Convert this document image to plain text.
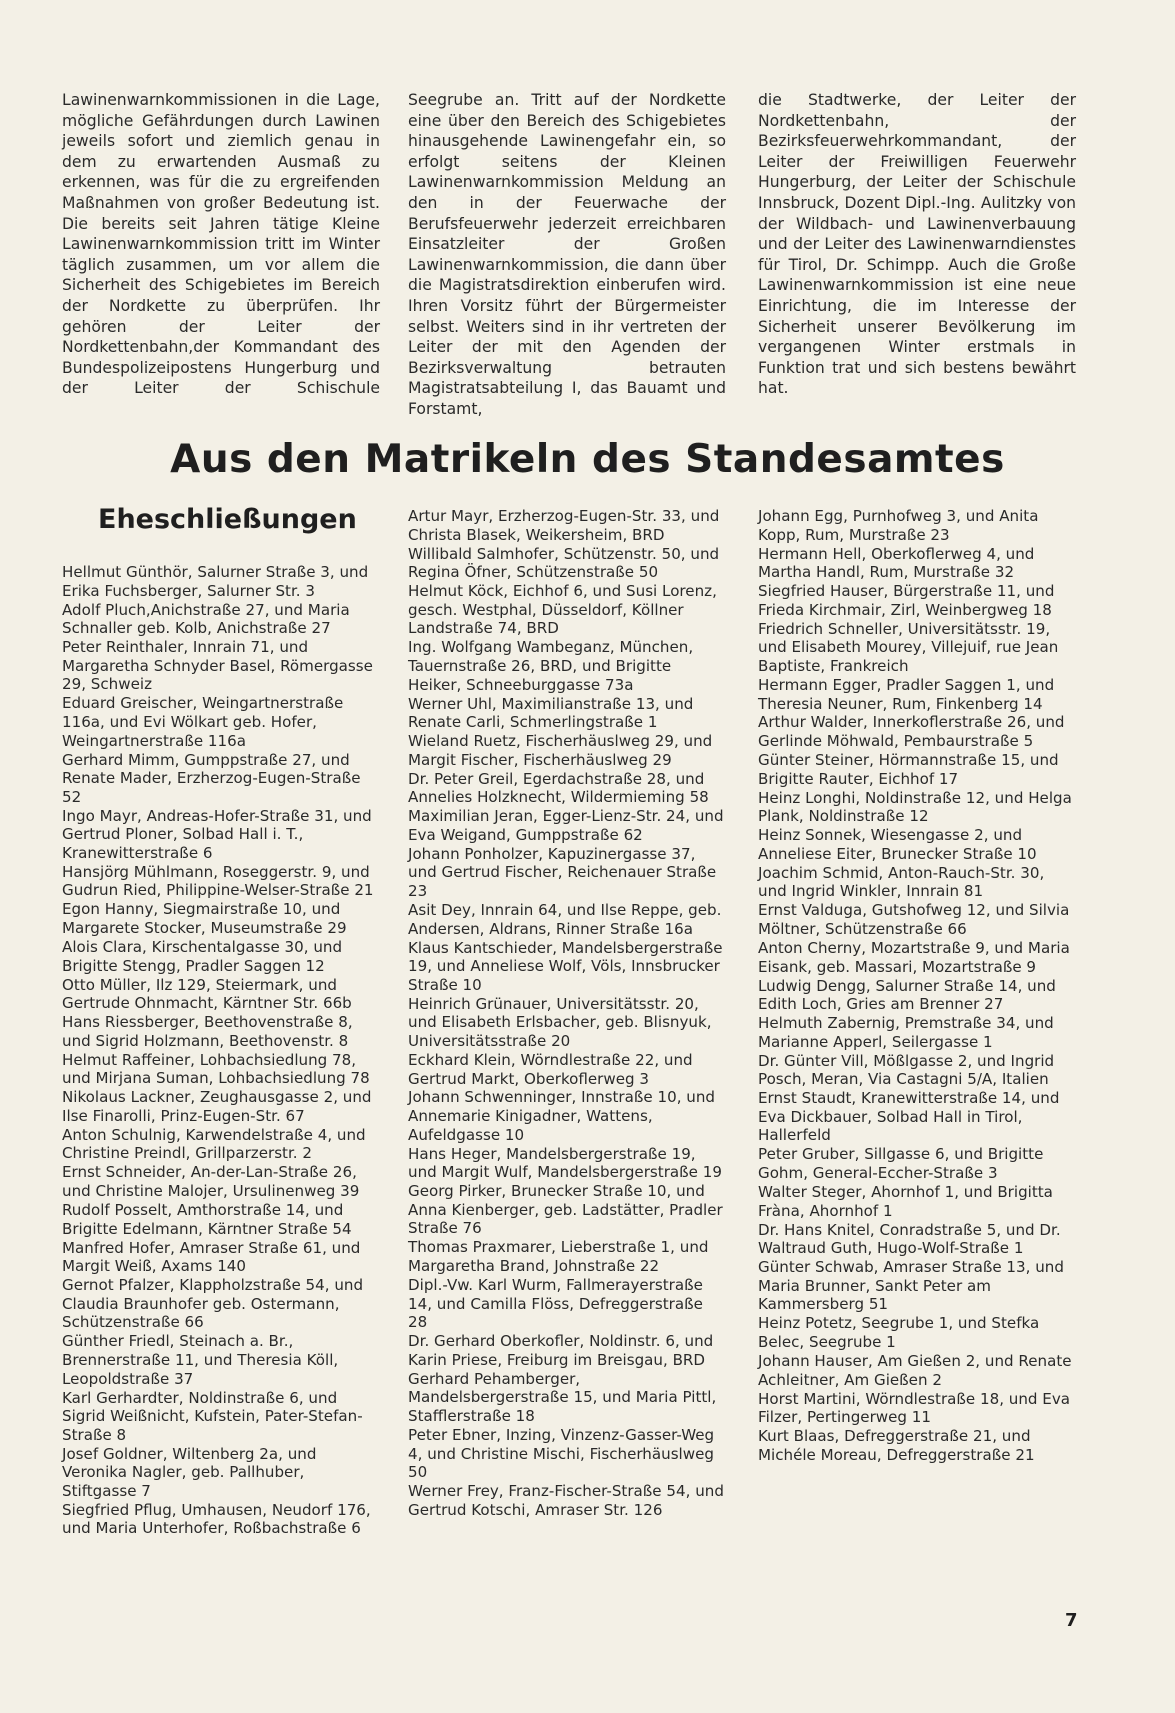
Lawinenwarnkommissionen in die Lage, mögliche Gefährdungen durch Lawinen jeweils sofort und ziemlich genau in dem zu erwartenden Ausmaß zu erkennen, was für die zu ergreifenden Maßnahmen von großer Bedeutung ist. Die bereits seit Jahren tätige Kleine Lawinenwarnkommission tritt im Winter täglich zusammen, um vor allem die Sicherheit des Schigebietes im Bereich der Nordkette zu überprüfen. Ihr gehören der Leiter der Nordkettenbahn,der Kommandant des Bundespolizeipostens Hungerburg und der Leiter der Schischule

Seegrube an. Tritt auf der Nordkette eine über den Bereich des Schigebietes hinausgehende Lawinengefahr ein, so erfolgt seitens der Kleinen Lawinenwarnkommission Meldung an den in der Feuerwache der Berufsfeuerwehr jederzeit erreichbaren Einsatzleiter der Großen Lawinenwarnkommission, die dann über die Magistratsdirektion einberufen wird. Ihren Vorsitz führt der Bürgermeister selbst. Weiters sind in ihr vertreten der Leiter der mit den Agenden der Bezirksverwaltung betrauten Magistratsabteilung I, das Bauamt und Forstamt,

die Stadtwerke, der Leiter der Nordkettenbahn, der Bezirksfeuerwehrkommandant, der Leiter der Freiwilligen Feuerwehr Hungerburg, der Leiter der Schischule Innsbruck, Dozent Dipl.-Ing. Aulitzky von der Wildbach- und Lawinenverbauung und der Leiter des Lawinenwarndienstes für Tirol, Dr. Schimpp. Auch die Große Lawinenwarnkommission ist eine neue Einrichtung, die im Interesse der Sicherheit unserer Bevölkerung im vergangenen Winter erstmals in Funktion trat und sich bestens bewährt hat.

Aus den Matrikeln des Standesamtes
Eheschließungen

Hellmut Günthör, Salurner Straße 3, und Erika Fuchsberger, Salurner Str. 3

Adolf Pluch,Anichstraße 27, und Maria Schnaller geb. Kolb, Anichstraße 27

Peter Reinthaler, Innrain 71, und Margaretha Schnyder Basel, Römergasse 29, Schweiz

Eduard Greischer, Weingartnerstraße 116a, und Evi Wölkart geb. Hofer, Weingartnerstraße 116a

Gerhard Mimm, Gumppstraße 27, und Renate Mader, Erzherzog-Eugen-Straße 52

Ingo Mayr, Andreas-Hofer-Straße 31, und Gertrud Ploner, Solbad Hall i. T., Kranewitterstraße 6

Hansjörg Mühlmann, Roseggerstr. 9, und Gudrun Ried, Philippine-Welser-Straße 21

Egon Hanny, Siegmairstraße 10, und Margarete Stocker, Museumstraße 29

Alois Clara, Kirschentalgasse 30, und Brigitte Stengg, Pradler Saggen 12

Otto Müller, Ilz 129, Steiermark, und Gertrude Ohnmacht, Kärntner Str. 66b

Hans Riessberger, Beethovenstraße 8, und Sigrid Holzmann, Beethovenstr. 8

Helmut Raffeiner, Lohbachsiedlung 78, und Mirjana Suman, Lohbachsiedlung 78

Nikolaus Lackner, Zeughausgasse 2, und Ilse Finarolli, Prinz-Eugen-Str. 67

Anton Schulnig, Karwendelstraße 4, und Christine Preindl, Grillparzerstr. 2

Ernst Schneider, An-der-Lan-Straße 26, und Christine Malojer, Ursulinenweg 39

Rudolf Posselt, Amthorstraße 14, und Brigitte Edelmann, Kärntner Straße 54

Manfred Hofer, Amraser Straße 61, und Margit Weiß, Axams 140

Gernot Pfalzer, Klappholzstraße 54, und Claudia Braunhofer geb. Ostermann, Schützenstraße 66

Günther Friedl, Steinach a. Br., Brennerstraße 11, und Theresia Köll, Leopoldstraße 37

Karl Gerhardter, Noldinstraße 6, und Sigrid Weißnicht, Kufstein, Pater-Stefan-Straße 8

Josef Goldner, Wiltenberg 2a, und Veronika Nagler, geb. Pallhuber, Stiftgasse 7

Siegfried Pflug, Umhausen, Neudorf 176, und Maria Unterhofer, Roßbachstraße 6

Artur Mayr, Erzherzog-Eugen-Str. 33, und Christa Blasek, Weikersheim, BRD

Willibald Salmhofer, Schützenstr. 50, und Regina Öfner, Schützenstraße 50

Helmut Köck, Eichhof 6, und Susi Lorenz, gesch. Westphal, Düsseldorf, Köllner Landstraße 74, BRD

Ing. Wolfgang Wambeganz, München, Tauernstraße 26, BRD, und Brigitte Heiker, Schneeburggasse 73a

Werner Uhl, Maximilianstraße 13, und Renate Carli, Schmerlingstraße 1

Wieland Ruetz, Fischerhäuslweg 29, und Margit Fischer, Fischerhäuslweg 29

Dr. Peter Greil, Egerdachstraße 28, und Annelies Holzknecht, Wildermieming 58

Maximilian Jeran, Egger-Lienz-Str. 24, und Eva Weigand, Gumppstraße 62

Johann Ponholzer, Kapuzinergasse 37, und Gertrud Fischer, Reichenauer Straße 23

Asit Dey, Innrain 64, und Ilse Reppe, geb. Andersen, Aldrans, Rinner Straße 16a

Klaus Kantschieder, Mandelsbergerstraße 19, und Anneliese Wolf, Völs, Innsbrucker Straße 10

Heinrich Grünauer, Universitätsstr. 20, und Elisabeth Erlsbacher, geb. Blisnyuk, Universitätsstraße 20

Eckhard Klein, Wörndlestraße 22, und Gertrud Markt, Oberkoflerweg 3

Johann Schwenninger, Innstraße 10, und Annemarie Kinigadner, Wattens, Aufeldgasse 10

Hans Heger, Mandelsbergerstraße 19, und Margit Wulf, Mandelsbergerstraße 19

Georg Pirker, Brunecker Straße 10, und Anna Kienberger, geb. Ladstätter, Pradler Straße 76

Thomas Praxmarer, Lieberstraße 1, und Margaretha Brand, Johnstraße 22

Dipl.-Vw. Karl Wurm, Fallmerayerstraße 14, und Camilla Flöss, Defreggerstraße 28

Dr. Gerhard Oberkofler, Noldinstr. 6, und Karin Priese, Freiburg im Breisgau, BRD

Gerhard Pehamberger, Mandelsbergerstraße 15, und Maria Pittl, Stafflerstraße 18

Peter Ebner, Inzing, Vinzenz-Gasser-Weg 4, und Christine Mischi, Fischerhäuslweg 50

Werner Frey, Franz-Fischer-Straße 54, und Gertrud Kotschi, Amraser Str. 126

Johann Egg, Purnhofweg 3, und Anita Kopp, Rum, Murstraße 23

Hermann Hell, Oberkoflerweg 4, und Martha Handl, Rum, Murstraße 32

Siegfried Hauser, Bürgerstraße 11, und Frieda Kirchmair, Zirl, Weinbergweg 18

Friedrich Schneller, Universitätsstr. 19, und Elisabeth Mourey, Villejuif, rue Jean Baptiste, Frankreich

Hermann Egger, Pradler Saggen 1, und Theresia Neuner, Rum, Finkenberg 14

Arthur Walder, Innerkoflerstraße 26, und Gerlinde Möhwald, Pembaurstraße 5

Günter Steiner, Hörmannstraße 15, und Brigitte Rauter, Eichhof 17

Heinz Longhi, Noldinstraße 12, und Helga Plank, Noldinstraße 12

Heinz Sonnek, Wiesengasse 2, und Anneliese Eiter, Brunecker Straße 10

Joachim Schmid, Anton-Rauch-Str. 30, und Ingrid Winkler, Innrain 81

Ernst Valduga, Gutshofweg 12, und Silvia Möltner, Schützenstraße 66

Anton Cherny, Mozartstraße 9, und Maria Eisank, geb. Massari, Mozartstraße 9

Ludwig Dengg, Salurner Straße 14, und Edith Loch, Gries am Brenner 27

Helmuth Zabernig, Premstraße 34, und Marianne Apperl, Seilergasse 1

Dr. Günter Vill, Mößlgasse 2, und Ingrid Posch, Meran, Via Castagni 5/A, Italien

Ernst Staudt, Kranewitterstraße 14, und Eva Dickbauer, Solbad Hall in Tirol, Hallerfeld

Peter Gruber, Sillgasse 6, und Brigitte Gohm, General-Eccher-Straße 3

Walter Steger, Ahornhof 1, und Brigitta Fràna, Ahornhof 1

Dr. Hans Knitel, Conradstraße 5, und Dr. Waltraud Guth, Hugo-Wolf-Straße 1

Günter Schwab, Amraser Straße 13, und Maria Brunner, Sankt Peter am Kammersberg 51

Heinz Potetz, Seegrube 1, und Stefka Belec, Seegrube 1

Johann Hauser, Am Gießen 2, und Renate Achleitner, Am Gießen 2

Horst Martini, Wörndlestraße 18, und Eva Filzer, Pertingerweg 11

Kurt Blaas, Defreggerstraße 21, und Michéle Moreau, Defreggerstraße 21

7
